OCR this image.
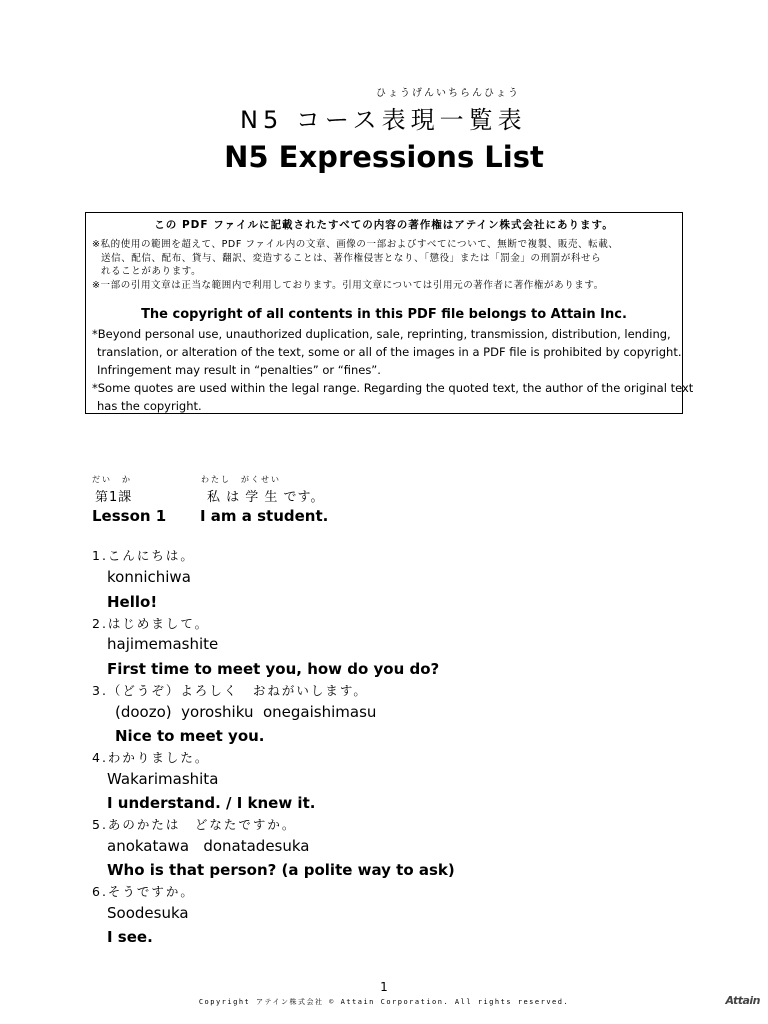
ひょうげんいちらんひょう
N5 コース表現一覧表
N5 Expressions List
この PDF ファイルに記載されたすべての内容の著作権はアテイン株式会社にあります。
※私的使用の範囲を超えて、PDF ファイル内の文章、画像の一部およびすべてについて、無断で複製、販売、転載、
送信、配信、配布、貸与、翻訳、変造することは、著作権侵害となり、「懲役」または「罰金」の刑罰が科せら
れることがあります。
※一部の引用文章は正当な範囲内で利用しております。引用文章については引用元の著作者に著作権があります。
The copyright of all contents in this PDF file belongs to Attain Inc.
*Beyond personal use, unauthorized duplication, sale, reprinting, transmission, distribution, lending,
translation, or alteration of the text, some or all of the images in a PDF file is prohibited by copyright.
Infringement may result in “penalties” or “fines”.
*Some quotes are used within the legal range. Regarding the quoted text, the author of the original text
has the copyright.
だい　か	わたし　がくせい
第1課	私 は 学 生 です。
Lesson 1 I am a student.
1.こんにちは。
konnichiwa
Hello!
2.はじめまして。
hajimemashite
First time to meet you, how do you do?
3.（どうぞ）よろしく　おねがいします。
(doozo)  yoroshiku  onegaishimasu
Nice to meet you.
4.わかりました。
Wakarimashita
I understand. / I knew it.
5.あのかたは　どなたですか。
anokatawa   donatadesuka
Who is that person? (a polite way to ask)
6.そうですか。
Soodesuka
I see.
1
Copyright アテイン株式会社 © Attain Corporation. All rights reserved.	Attain
